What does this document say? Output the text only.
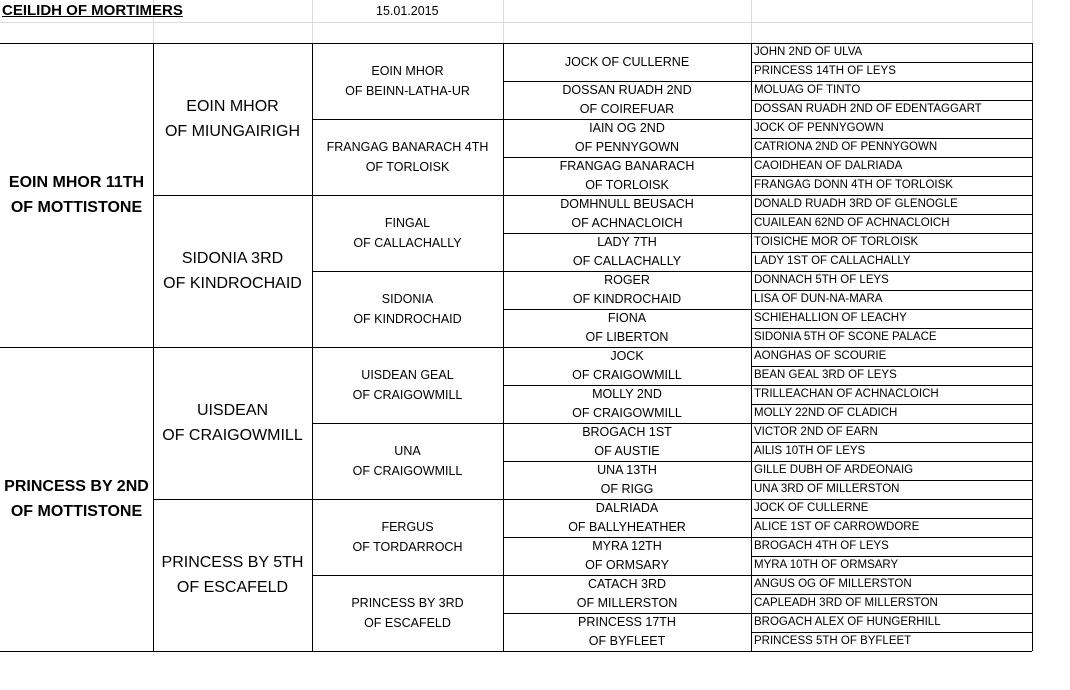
CEILIDH OF MORTIMERS	15.01.2015
EOIN MHOR 11TH
OF MOTTISTONE
PRINCESS BY 2ND
OF MOTTISTONE
EOIN MHOR
OF MIUNGAIRIGH
SIDONIA 3RD
OF KINDROCHAID
UISDEAN
OF CRAIGOWMILL
PRINCESS BY 5TH
OF ESCAFELD
EOIN MHOR
OF BEINN-LATHA-UR
FRANGAG BANARACH 4TH
OF TORLOISK
FINGAL
OF CALLACHALLY
SIDONIA
OF KINDROCHAID
UISDEAN GEAL
OF CRAIGOWMILL
UNA
OF CRAIGOWMILL
FERGUS
OF TORDARROCH
PRINCESS BY 3RD
OF ESCAFELD
JOCK OF CULLERNE
DOSSAN RUADH 2ND
OF COIREFUAR
IAIN OG 2ND
OF PENNYGOWN
FRANGAG BANARACH
OF TORLOISK
DOMHNULL BEUSACH
OF ACHNACLOICH
LADY 7TH
OF CALLACHALLY
ROGER
OF KINDROCHAID
FIONA
OF LIBERTON
JOCK
OF CRAIGOWMILL
MOLLY 2ND
OF CRAIGOWMILL
BROGACH 1ST
OF AUSTIE
UNA 13TH
OF RIGG
DALRIADA
OF BALLYHEATHER
MYRA 12TH
OF ORMSARY
CATACH 3RD
OF MILLERSTON
PRINCESS 17TH
OF BYFLEET
JOHN 2ND OF ULVA
PRINCESS 14TH OF LEYS
MOLUAG OF TINTO
DOSSAN RUADH 2ND OF EDENTAGGART
JOCK OF PENNYGOWN
CATRIONA 2ND OF PENNYGOWN
CAOIDHEAN OF DALRIADA
FRANGAG DONN 4TH OF TORLOISK
DONALD RUADH 3RD OF GLENOGLE
CUAILEAN 62ND OF ACHNACLOICH
TOISICHE MOR OF TORLOISK
LADY 1ST OF CALLACHALLY
DONNACH 5TH OF LEYS
LISA OF DUN-NA-MARA
SCHIEHALLION OF LEACHY
SIDONIA 5TH OF SCONE PALACE
AONGHAS OF SCOURIE
BEAN GEAL 3RD OF LEYS
TRILLEACHAN OF ACHNACLOICH
MOLLY 22ND OF CLADICH
VICTOR 2ND OF EARN
AILIS 10TH OF LEYS
GILLE DUBH OF ARDEONAIG
UNA 3RD OF MILLERSTON
JOCK OF CULLERNE
ALICE 1ST OF CARROWDORE
BROGACH 4TH OF LEYS
MYRA 10TH OF ORMSARY
ANGUS OG OF MILLERSTON
CAPLEADH 3RD OF MILLERSTON
BROGACH ALEX OF HUNGERHILL
PRINCESS 5TH OF BYFLEET
